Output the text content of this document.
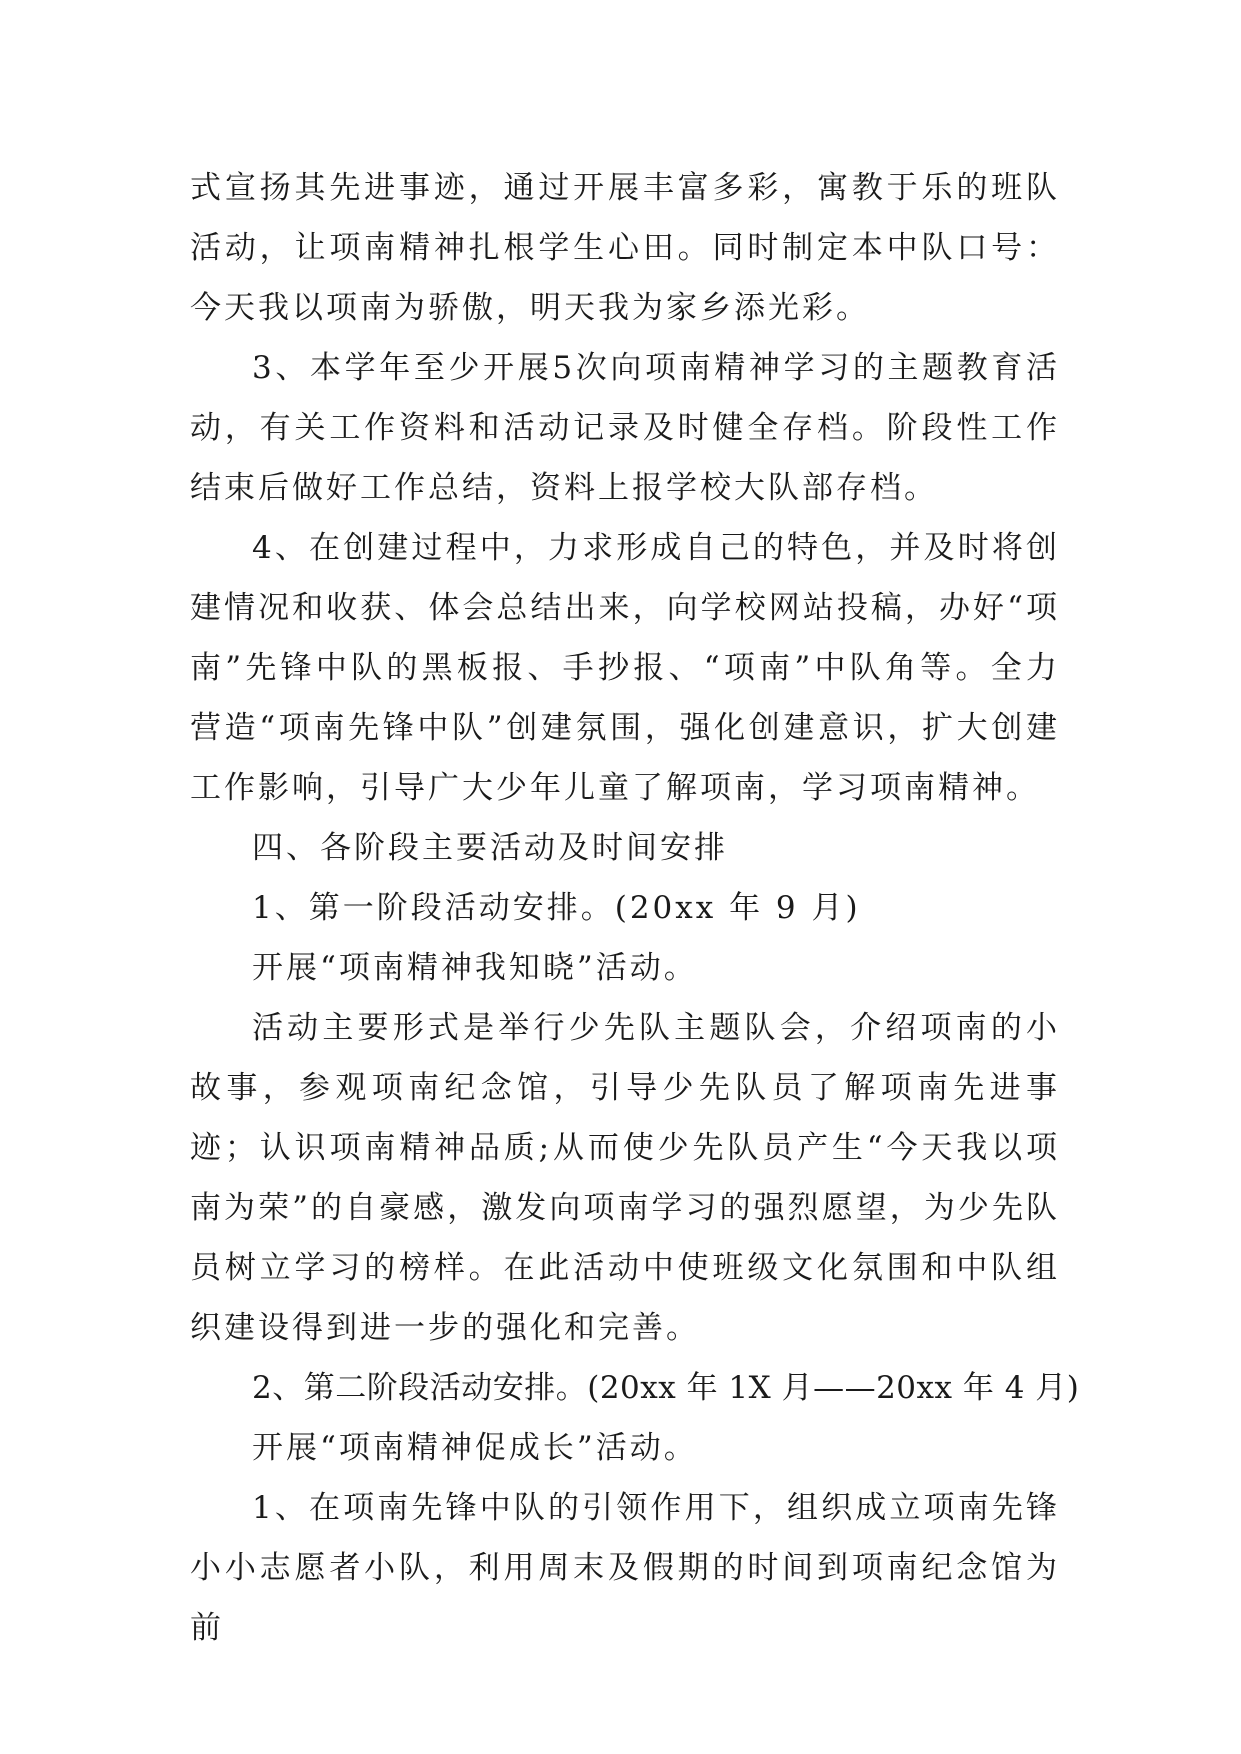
式宣扬其先进事迹，通过开展丰富多彩，寓教于乐的班队活动，让项南精神扎根学生心田。同时制定本中队口号：今天我以项南为骄傲，明天我为家乡添光彩。

3、本学年至少开展5次向项南精神学习的主题教育活动，有关工作资料和活动记录及时健全存档。阶段性工作结束后做好工作总结，资料上报学校大队部存档。

4、在创建过程中，力求形成自己的特色，并及时将创建情况和收获、体会总结出来，向学校网站投稿，办好“项南”先锋中队的黑板报、手抄报、“项南”中队角等。全力营造“项南先锋中队”创建氛围，强化创建意识，扩大创建工作影响，引导广大少年儿童了解项南，学习项南精神。

四、各阶段主要活动及时间安排

1、第一阶段活动安排。(20xx 年 9 月)

开展“项南精神我知晓”活动。

活动主要形式是举行少先队主题队会，介绍项南的小故事，参观项南纪念馆，引导少先队员了解项南先进事迹；认识项南精神品质;从而使少先队员产生“今天我以项南为荣”的自豪感，激发向项南学习的强烈愿望，为少先队员树立学习的榜样。在此活动中使班级文化氛围和中队组织建设得到进一步的强化和完善。

2、第二阶段活动安排。(20xx 年 1X 月——20xx 年 4 月)

开展“项南精神促成长”活动。

1、在项南先锋中队的引领作用下，组织成立项南先锋小小志愿者小队，利用周末及假期的时间到项南纪念馆为前
